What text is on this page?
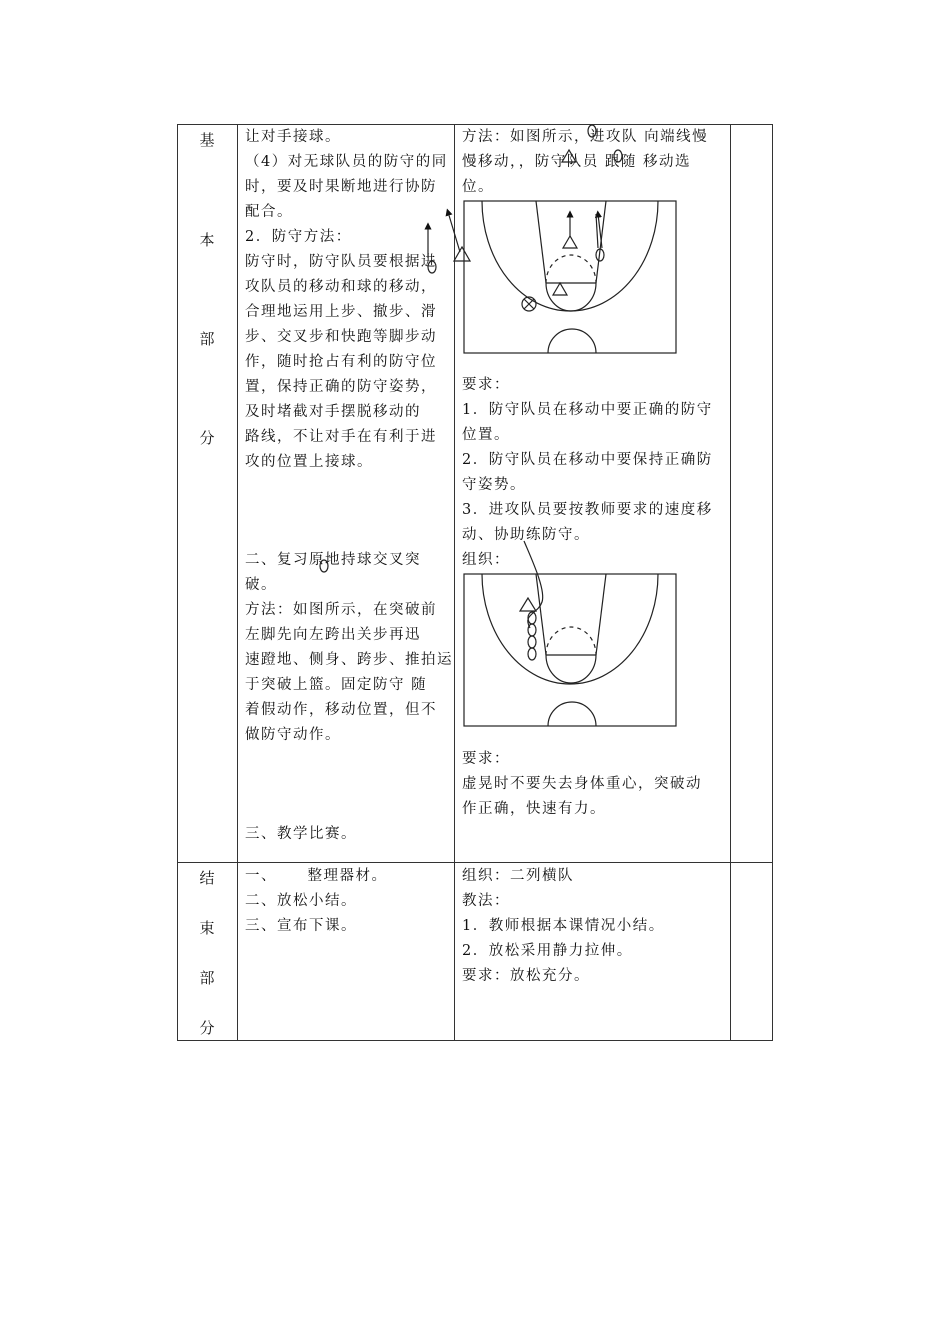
基
本
部
分
结
束
部
分

让对手接球。

（4）对无球队员的防守的同

时，要及时果断地进行协防

配合。

2．防守方法：

防守时，防守队员要根据进

攻队员的移动和球的移动，

合理地运用上步、撤步、滑

步、交叉步和快跑等脚步动

作，随时抢占有利的防守位

置，保持正确的防守姿势，

及时堵截对手摆脱移动的

路线，不让对手在有利于进

攻的位置上接球。

二、复习原地持球交叉突

破。

方法：如图所示，在突破前

左脚先向左跨出关步再迅

速蹬地、侧身、跨步、推拍运

于突破上篮。固定防守 随

着假动作，移动位置，但不

做防守动作。

三、教学比赛。

方法：如图所示，进攻队 向端线慢

慢移动，，防守队员 跟随 移动选

位。

要求：

1．防守队员在移动中要正确的防守

位置。

2．防守队员在移动中要保持正确防

守姿势。

3．进攻队员要按教师要求的速度移

动、协助练防守。

组织：

要求：

虚晃时不要失去身体重心，突破动

作正确，快速有力。

一、     整理器材。

二、放松小结。

三、宣布下课。

组织：二列横队

教法：

1．教师根据本课情况小结。

2．放松采用静力拉伸。

要求：放松充分。
